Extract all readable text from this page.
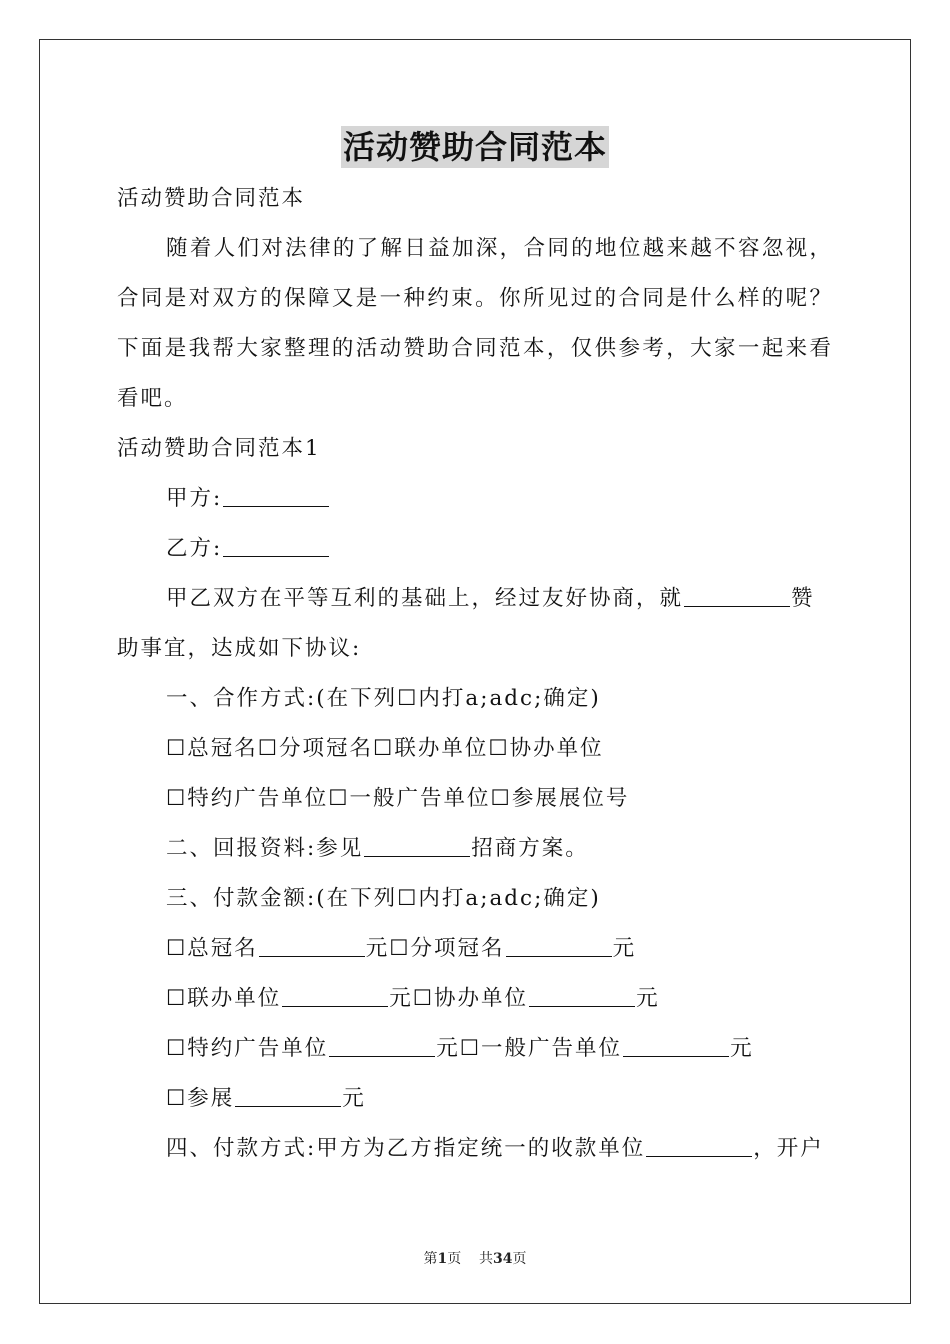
活动赞助合同范本
活动赞助合同范本
随着人们对法律的了解日益加深，合同的地位越来越不容忽视，合同是对双方的保障又是一种约束。你所见过的合同是什么样的呢？下面是我帮大家整理的活动赞助合同范本，仅供参考，大家一起来看看吧。
活动赞助合同范本1
甲方:
乙方:
甲乙双方在平等互利的基础上，经过友好协商，就	赞
助事宜，达成如下协议:
一、合作方式:(在下列☐内打a;adc;确定)
☐总冠名☐分项冠名☐联办单位☐协办单位
☐特约广告单位☐一般广告单位☐参展展位号
二、回报资料:参见	招商方案。
三、付款金额:(在下列☐内打a;adc;确定)
☐总冠名	元☐分项冠名	元
☐联办单位	元☐协办单位	元
☐特约广告单位	元☐一般广告单位	元
☐参展	元
四、付款方式:甲方为乙方指定统一的收款单位	，开户
第1页 共34页
